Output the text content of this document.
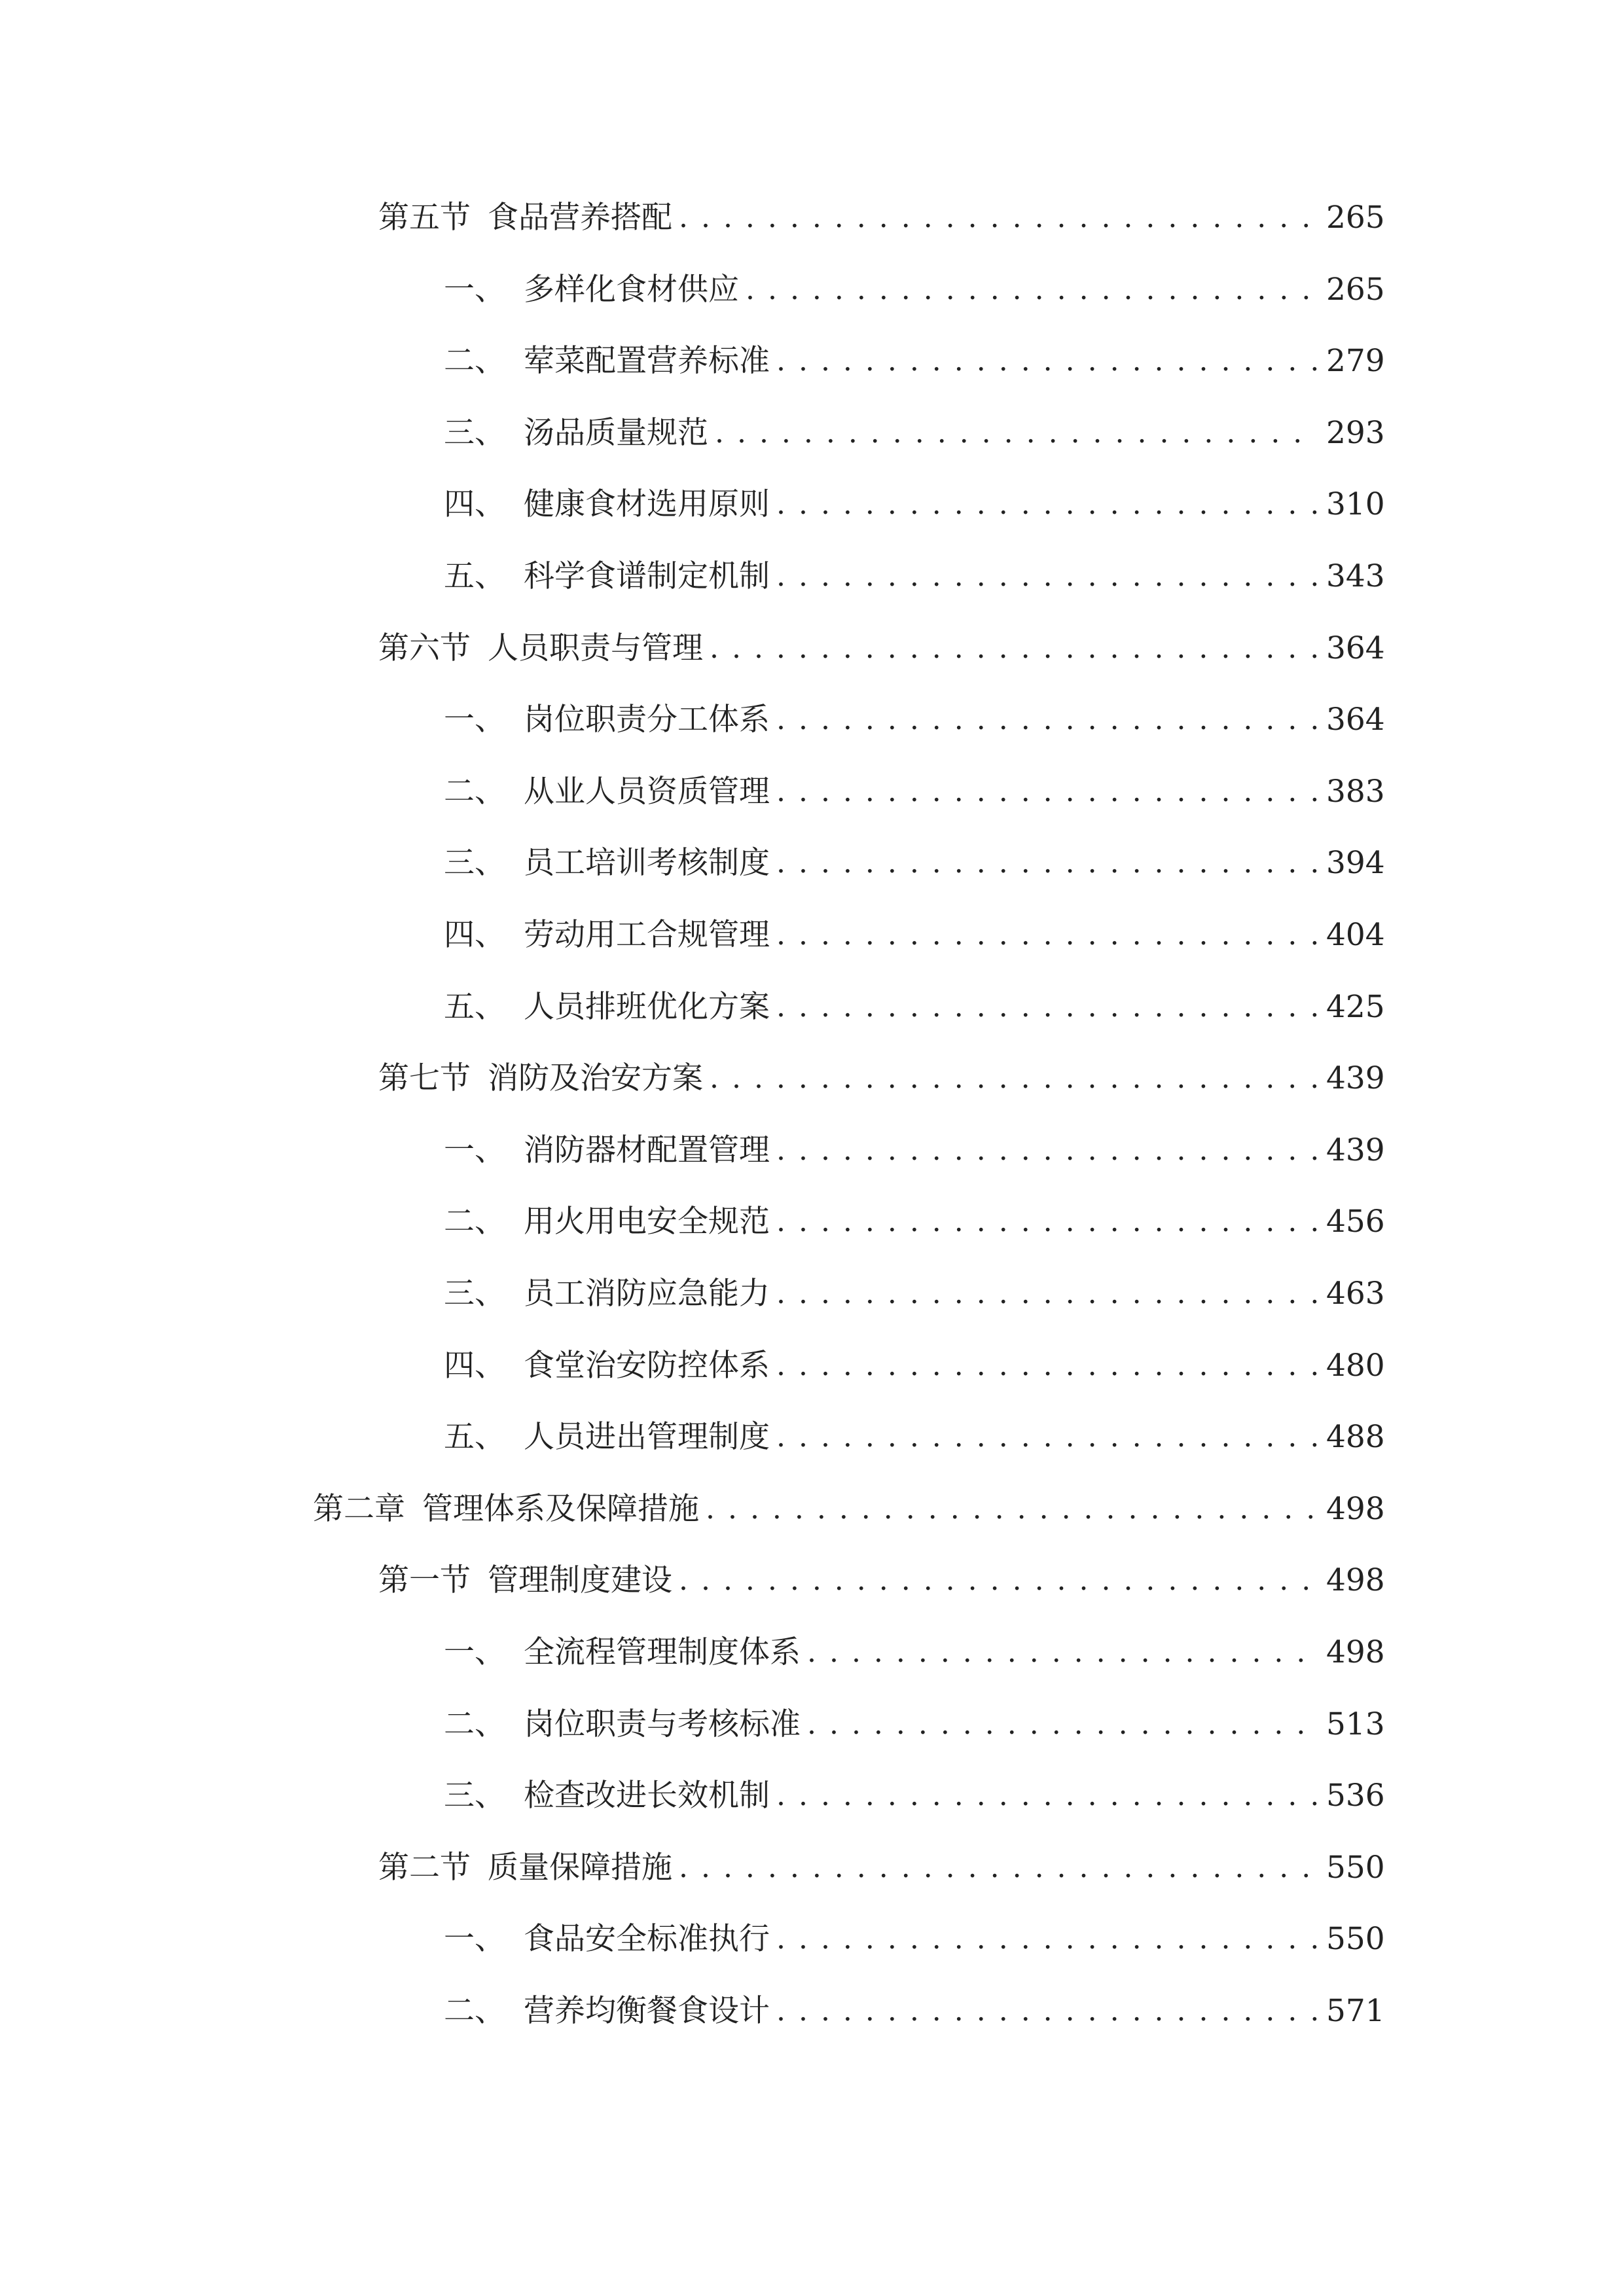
第五节 食品营养搭配 . . .	265
一、 多样化食材供应 . . .	265
二、 荤菜配置营养标准 . . .	279
三、 汤品质量规范 . . .	293
四、 健康食材选用原则 . . .	310
五、 科学食谱制定机制 . . .	343
第六节 人员职责与管理 . . .	364
一、 岗位职责分工体系 . . .	364
二、 从业人员资质管理 . . .	383
三、 员工培训考核制度 . . .	394
四、 劳动用工合规管理 . . .	404
五、 人员排班优化方案 . . .	425
第七节 消防及治安方案 . . .	439
一、 消防器材配置管理 . . .	439
二、 用火用电安全规范 . . .	456
三、 员工消防应急能力 . . .	463
四、 食堂治安防控体系 . . .	480
五、 人员进出管理制度 . . .	488
第二章 管理体系及保障措施 . . .	498
第一节 管理制度建设 . . .	498
一、 全流程管理制度体系 . . .	498
二、 岗位职责与考核标准 . . .	513
三、 检查改进长效机制 . . .	536
第二节 质量保障措施 . . .	550
一、 食品安全标准执行 . . .	550
二、 营养均衡餐食设计 . . .	571
